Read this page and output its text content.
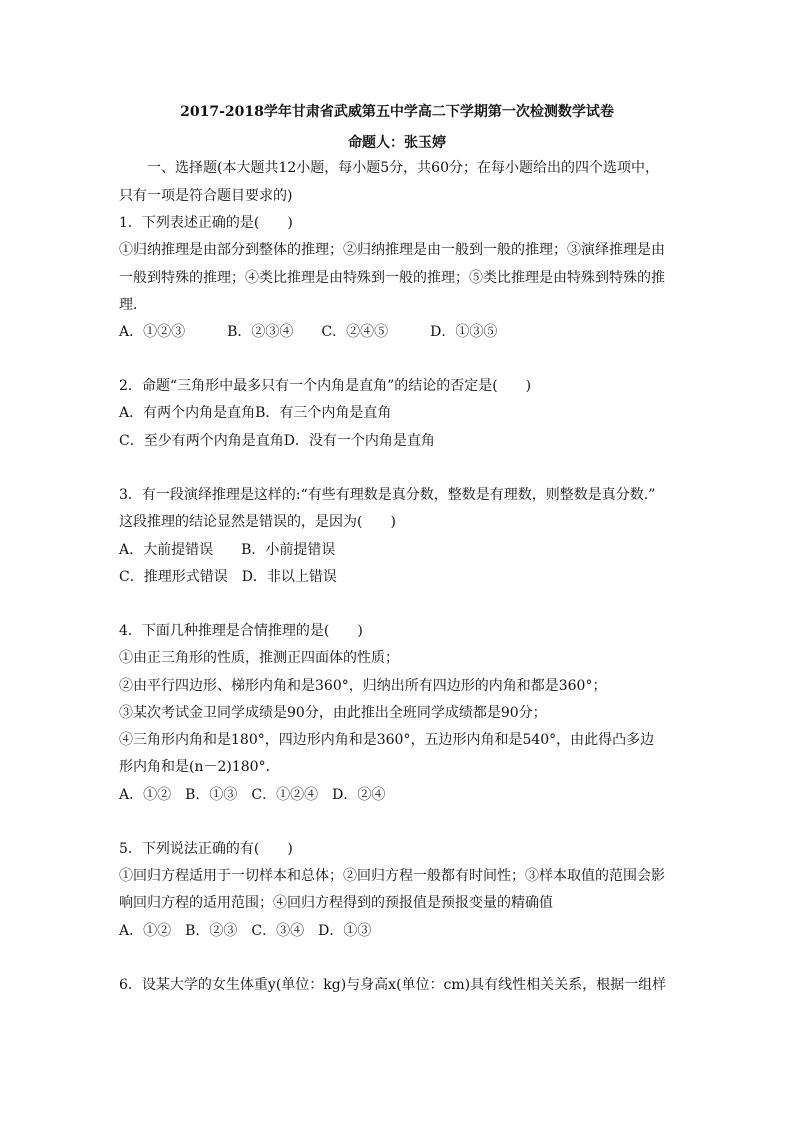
2017-2018学年甘肃省武威第五中学高二下学期第一次检测数学试卷
命题人：张玉婷
一、选择题(本大题共12小题，每小题5分，共60分；在每小题给出的四个选项中，
只有一项是符合题目要求的)
1．下列表述正确的是(　　)
①归纳推理是由部分到整体的推理；②归纳推理是由一般到一般的推理；③演绎推理是由
一般到特殊的推理；④类比推理是由特殊到一般的推理；⑤类比推理是由特殊到特殊的推
理．
A．①②③　　　B．②③④　　C．②④⑤　　　D．①③⑤
2．命题“三角形中最多只有一个内角是直角”的结论的否定是(　　)
A．有两个内角是直角B．有三个内角是直角
C．至少有两个内角是直角D．没有一个内角是直角
3．有一段演绎推理是这样的:“有些有理数是真分数，整数是有理数，则整数是真分数.”
这段推理的结论显然是错误的，是因为(　　)
A．大前提错误　　B．小前提错误
C．推理形式错误　D．非以上错误
4．下面几种推理是合情推理的是(　　)
①由正三角形的性质，推测正四面体的性质；
②由平行四边形、梯形内角和是360°，归纳出所有四边形的内角和都是360°；
③某次考试金卫同学成绩是90分，由此推出全班同学成绩都是90分；
④三角形内角和是180°，四边形内角和是360°，五边形内角和是540°，由此得凸多边
形内角和是(n－2)180°．
A．①②　B．①③　C．①②④　D．②④
5．下列说法正确的有(　　)
①回归方程适用于一切样本和总体；②回归方程一般都有时间性；③样本取值的范围会影
响回归方程的适用范围；④回归方程得到的预报值是预报变量的精确值
A．①②　B．②③　C．③④　D．①③
6．设某大学的女生体重y(单位：kg)与身高x(单位：cm)具有线性相关关系，根据一组样
